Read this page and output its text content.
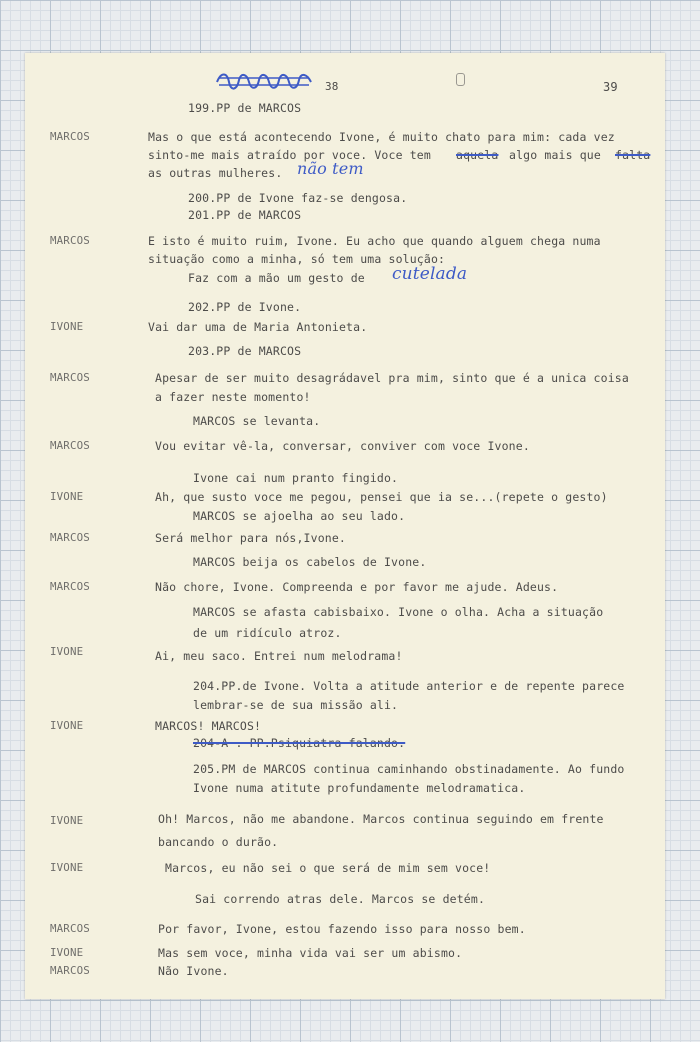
38	39
199.PP de MARCOS
MARCOS	Mas o que está acontecendo Ivone, é muito chato para mim: cada vez
sinto-me mais atraído por voce. Voce tem aquela algo mais que falta
as outras mulheres. não tem
200.PP de Ivone faz-se dengosa.
201.PP de MARCOS
MARCOS	E isto é muito ruim, Ivone. Eu acho que quando alguem chega numa
situação como a minha, só tem uma solução:
Faz com a mão um gesto de cutelada
202.PP de Ivone.
IVONE	Vai dar uma de Maria Antonieta.
203.PP de MARCOS
MARCOS	Apesar de ser muito desagrádavel pra mim, sinto que é a unica coisa
a fazer neste momento!
MARCOS se levanta.
MARCOS	Vou evitar vê-la, conversar, conviver com voce Ivone.
Ivone cai num pranto fingido.
IVONE	Ah, que susto voce me pegou, pensei que ia se...(repete o gesto)
MARCOS se ajoelha ao seu lado.
MARCOS	Será melhor para nós,Ivone.
MARCOS beija os cabelos de Ivone.
MARCOS	Não chore, Ivone. Compreenda e por favor me ajude. Adeus.
MARCOS se afasta cabisbaixo. Ivone o olha. Acha a situação
de um ridículo atroz.
IVONE	Ai, meu saco. Entrei num melodrama!
204.PP.de Ivone. Volta a atitude anterior e de repente parece
lembrar-se de sua missão ali.
IVONE	MARCOS! MARCOS!
204-A . PP.Psiquiatra falando.
205.PM de MARCOS continua caminhando obstinadamente. Ao fundo
Ivone numa atitute profundamente melodramatica.
IVONE	Oh! Marcos, não me abandone. Marcos continua seguindo em frente
bancando o durão.
IVONE	Marcos, eu não sei o que será de mim sem voce!
Sai correndo atras dele. Marcos se detém.
MARCOS	Por favor, Ivone, estou fazendo isso para nosso bem.
IVONE	Mas sem voce, minha vida vai ser um abismo.
MARCOS	Não Ivone.
